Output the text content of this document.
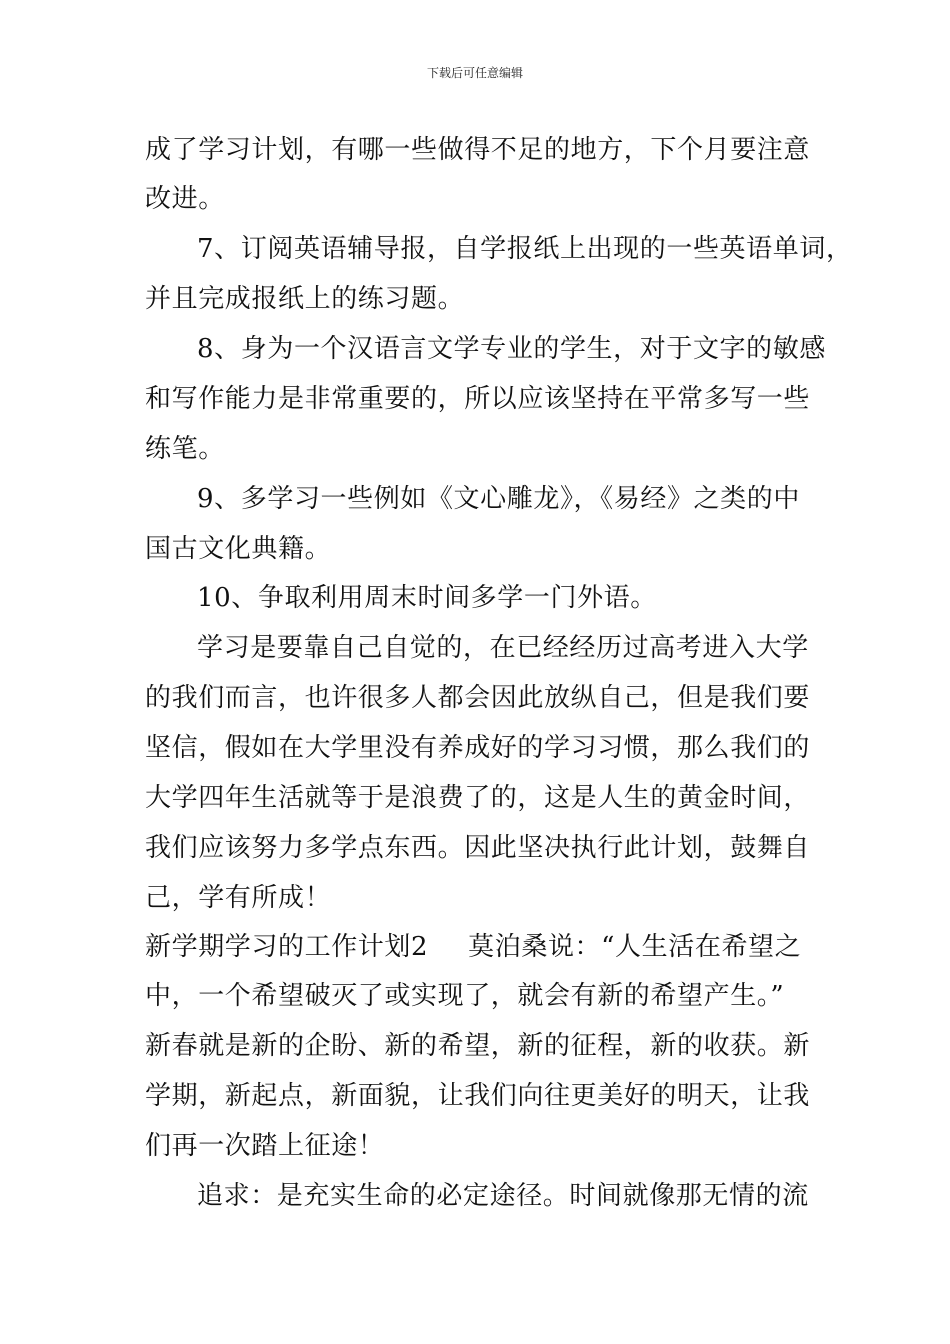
下载后可任意编辑
成了学习计划，有哪一些做得不足的地方，下个月要注意
改进。
7、订阅英语辅导报，自学报纸上出现的一些英语单词，
并且完成报纸上的练习题。
8、身为一个汉语言文学专业的学生，对于文字的敏感
和写作能力是非常重要的，所以应该坚持在平常多写一些
练笔。
9、多学习一些例如《文心雕龙》，《易经》之类的中
国古文化典籍。
10、争取利用周末时间多学一门外语。
学习是要靠自己自觉的，在已经经历过高考进入大学
的我们而言，也许很多人都会因此放纵自己，但是我们要
坚信，假如在大学里没有养成好的学习习惯，那么我们的
大学四年生活就等于是浪费了的，这是人生的黄金时间，
我们应该努力多学点东西。因此坚决执行此计划，鼓舞自
己，学有所成！
新学期学习的工作计划2 莫泊桑说：“人生活在希望之
中，一个希望破灭了或实现了，就会有新的希望产生。”
新春就是新的企盼、新的希望，新的征程，新的收获。新
学期，新起点，新面貌，让我们向往更美好的明天，让我
们再一次踏上征途！
追求：是充实生命的必定途径。时间就像那无情的流
